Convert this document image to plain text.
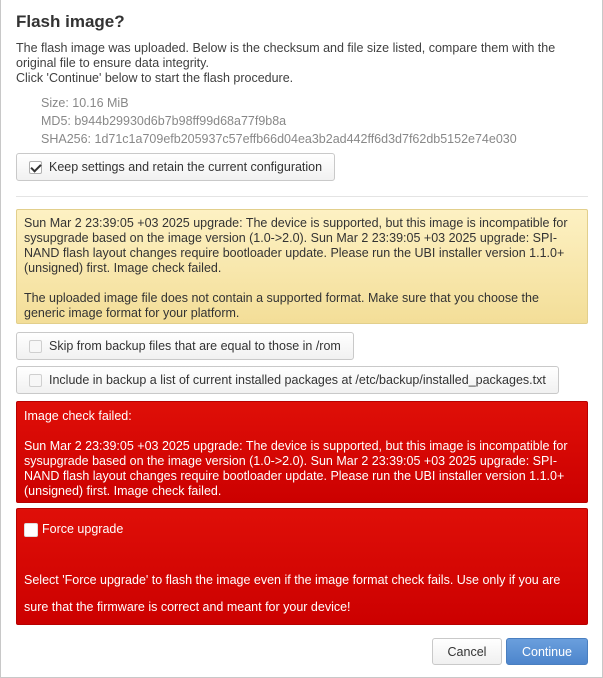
Flash image?

The flash image was uploaded. Below is the checksum and file size listed, compare them with the original file to ensure data integrity.

Click 'Continue' below to start the flash procedure.

Size: 10.16 MiB
MD5: b944b29930d6b7b98ff99d68a77f9b8a
SHA256: 1d71c1a709efb205937c57effb66d04ea3b2ad442ff6d3d7f62db5152e74e030
Keep settings and retain the current configuration

Sun Mar 2 23:39:05 +03 2025 upgrade: The device is supported, but this image is incompatible for sysupgrade based on the image version (1.0->2.0). Sun Mar 2 23:39:05 +03 2025 upgrade: SPI-NAND flash layout changes require bootloader update. Please run the UBI installer version 1.1.0+ (unsigned) first. Image check failed.

The uploaded image file does not contain a supported format. Make sure that you choose the generic image format for your platform.

Skip from backup files that are equal to those in /rom
Include in backup a list of current installed packages at /etc/backup/installed_packages.txt

Image check failed:

Sun Mar 2 23:39:05 +03 2025 upgrade: The device is supported, but this image is incompatible for sysupgrade based on the image version (1.0->2.0). Sun Mar 2 23:39:05 +03 2025 upgrade: SPI-NAND flash layout changes require bootloader update. Please run the UBI installer version 1.1.0+ (unsigned) first. Image check failed.

Force upgrade

Select 'Force upgrade' to flash the image even if the image format check fails. Use only if you are sure that the firmware is correct and meant for your device!

Cancel	Continue
